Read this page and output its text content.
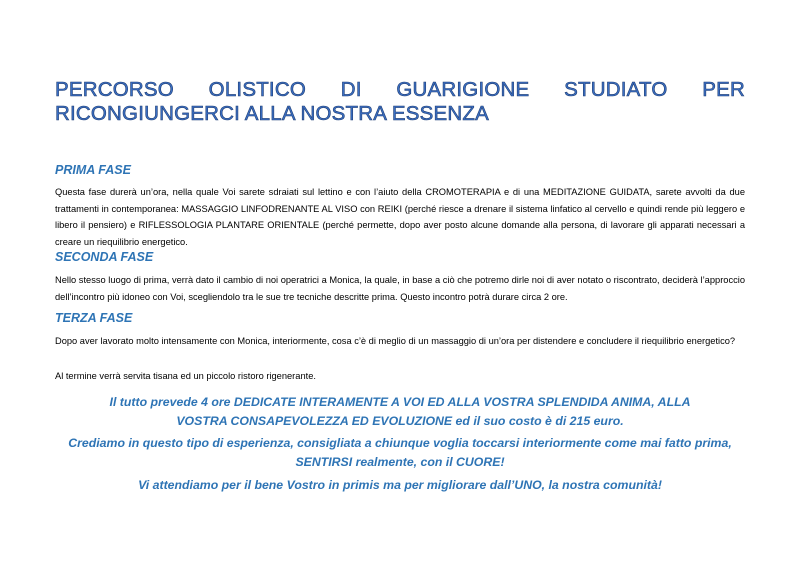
PERCORSO OLISTICO DI GUARIGIONE STUDIATO PER RICONGIUNGERCI ALLA NOSTRA ESSENZA
PRIMA FASE

Questa fase durerà un’ora, nella quale Voi sarete sdraiati sul lettino e con l’aiuto della CROMOTERAPIA e di una MEDITAZIONE GUIDATA, sarete avvolti da due trattamenti in contemporanea: MASSAGGIO LINFODRENANTE AL VISO con REIKI (perché riesce a drenare il sistema linfatico al cervello e quindi rende più leggero e libero il pensiero) e RIFLESSOLOGIA PLANTARE ORIENTALE (perché permette, dopo aver posto alcune domande alla persona, di lavorare gli apparati necessari a creare un riequilibrio energetico.

SECONDA FASE

Nello stesso luogo di prima, verrà dato il cambio di noi operatrici a Monica, la quale, in base a ciò che potremo dirle noi di aver notato o riscontrato, deciderà l’approccio dell’incontro più idoneo con Voi, scegliendolo tra le sue tre tecniche descritte prima. Questo incontro potrà durare circa 2 ore.

TERZA FASE

Dopo aver lavorato molto intensamente con Monica, interiormente, cosa c’è di meglio di un massaggio di un’ora per distendere e concludere il riequilibrio energetico?

Al termine verrà servita tisana ed un piccolo ristoro rigenerante.

Il tutto prevede 4 ore DEDICATE INTERAMENTE A VOI ED ALLA VOSTRA SPLENDIDA ANIMA, ALLA VOSTRA CONSAPEVOLEZZA ED EVOLUZIONE ed il suo costo è di 215 euro.

Crediamo in questo tipo di esperienza, consigliata a chiunque voglia toccarsi interiormente come mai fatto prima, SENTIRSI realmente, con il CUORE!

Vi attendiamo per il bene Vostro in primis ma per migliorare dall’UNO, la nostra comunità!
